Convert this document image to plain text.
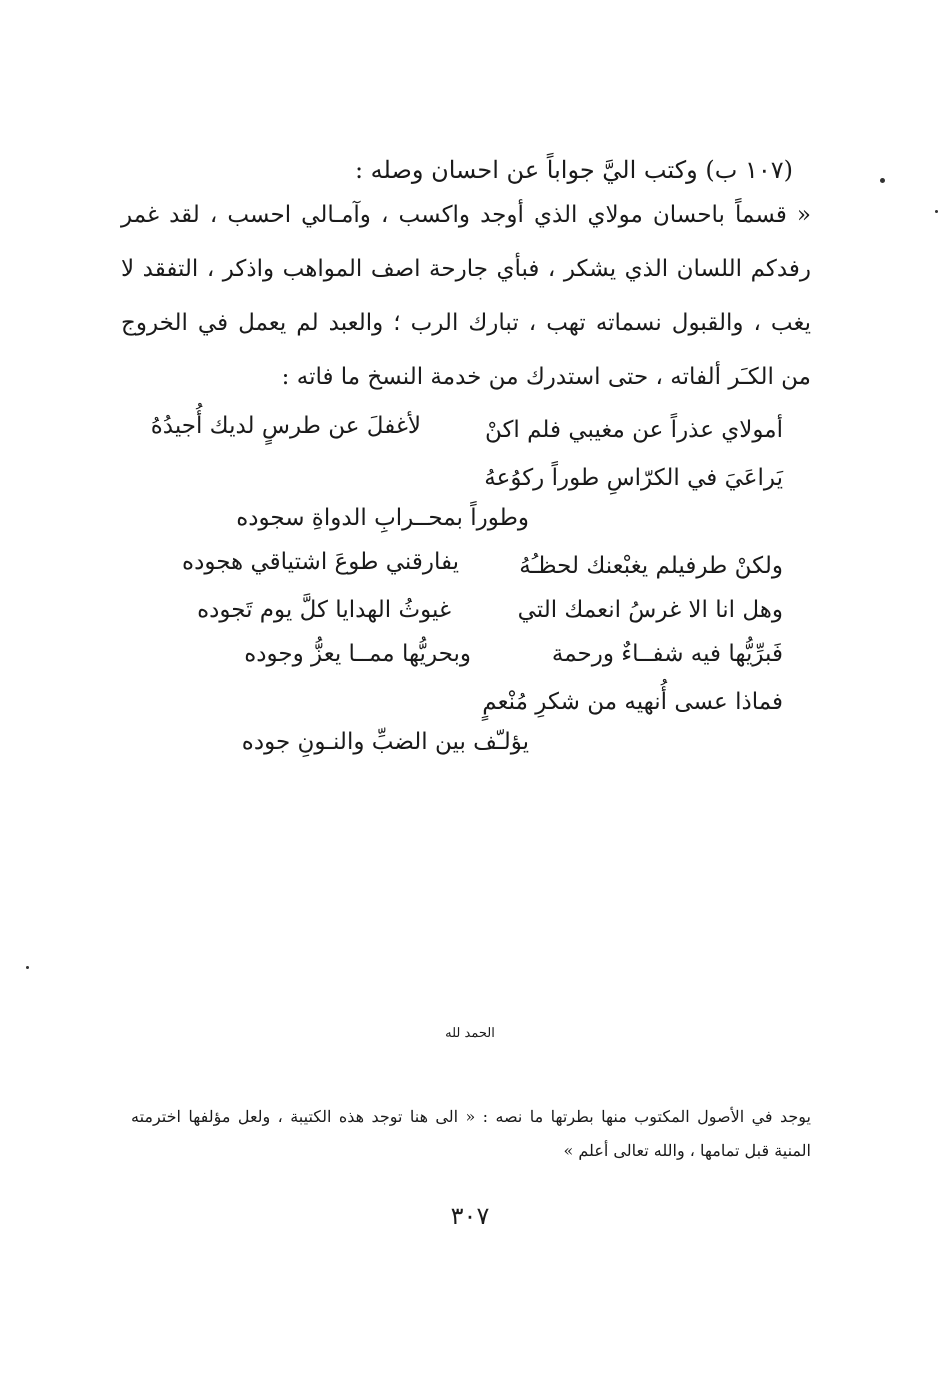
(١٠٧ ب) وكتب اليَّ جواباً عن احسان وصله :

« قسماً باحسان مولاي الذي أوجد واكسب ، وآمـالي احسب ، لقد غمر رفدكم اللسان الذي يشكر ، فبأي جارحة اصف المواهب واذكر ، التفقد لا يغب ، والقبول نسماته تهب ، تبارك الرب ؛ والعبد لم يعمل في الخروج من الكـَر ألفاته ، حتى استدرك من خدمة النسخ ما فاته :

أمولاي عذراً عن مغيبي فلم اكنْ
لأغفلَ عن طرسٍ لديك أُجيدُهُ
يَراعَيَ في الكرّاسِ طوراً ركوُعهُ
وطوراً بمحــرابِ الدواةِ سجوده
ولكنْ طرفيلم يغبْعنك لحظـُهُ
يفارقني طوعَ اشتياقي هجوده
وهل انا الا غرسُ انعمك التي
غيوثُ الهدايا كلَّ يوم تَجوده
فَبرِّيُّها فيه شفــاءٌ ورحمة
وبحريُّها ممــا يعزُّ وجوده
فماذا عسى أُنهيه من شكرِ مُنْعمٍ
يؤلـّف بين الضبِّ والنـونِ جوده
الحمد لله
يوجد في الأصول المكتوب منها بطرتها ما نصه : « الى هنا توجد هذه الكتيبة ، ولعل مؤلفها اخترمته المنية قبل تمامها ، والله تعالى أعلم »
٣٠٧
